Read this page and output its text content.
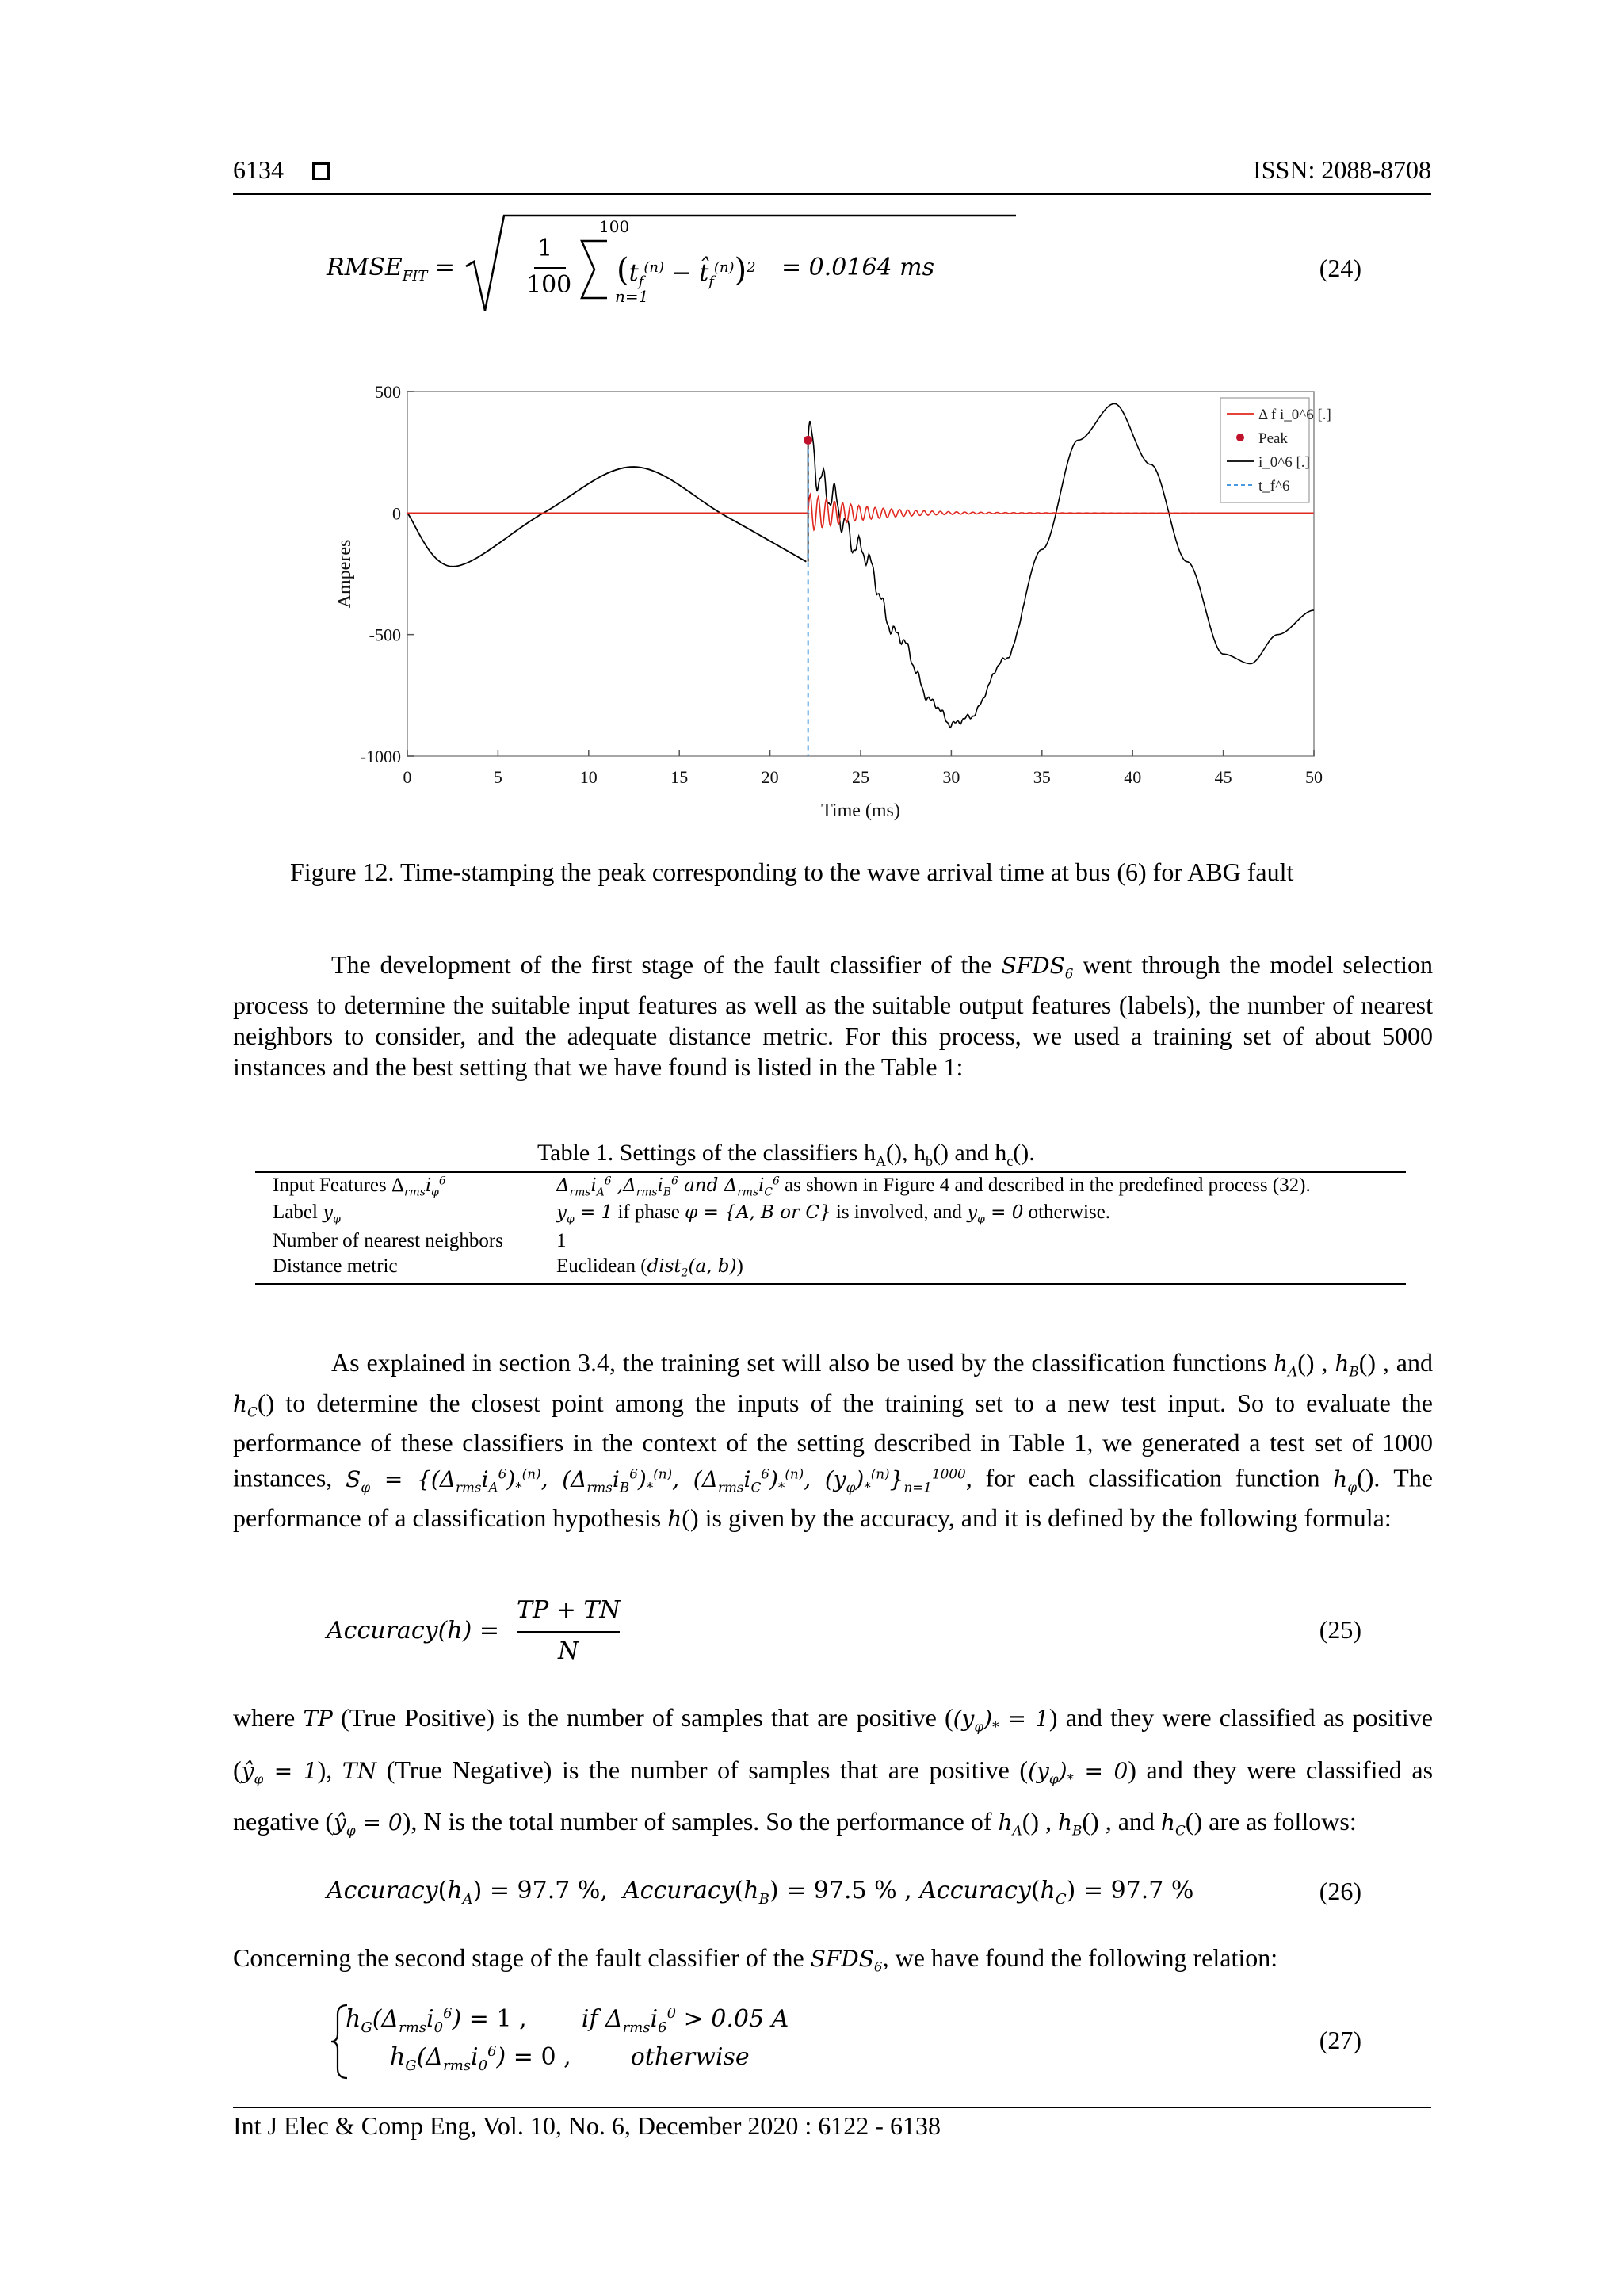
6134	ISSN: 2088-8708
$RMSE_{FIT}$ =
1
100
100
n=1
($t_f^{(n)}$ − $t̂_f^{(n)})^2 = 0.0164$ ms	(24)
0	5	10	15	20	25	30	35	40	45	50
500
0
-500
-1000
Time (ms)
Amperes
Δ f i_0^6 [.]
Peak
i_0^6 [.]
t_f^6
Figure 12. Time-stamping the peak corresponding to the wave arrival time at bus (6) for ABG fault

The development of the first stage of the fault classifier of the $SFDS_6$ went through the model selection process to determine the suitable input features as well as the suitable output features (labels), the number of nearest neighbors to consider, and the adequate distance metric. For this process, we used a training set of about 5000 instances and the best setting that we have found is listed in the Table 1:

Table 1. Settings of the classifiers $h_A()$, $h_b()$ and $h_c()$.
Input Features $\Delta_{rms}i_\varphi^6$	$\Delta_{rms}i_A^6$ $,\Delta_{rms}i_B^6$ and $\Delta_{rms}i_C^6$ as shown in Figure 4 and described in the predefined process (32).
Label $y_\varphi$	$y_\varphi = 1$ if phase φ = {A, B or C} is involved, and $y_\varphi = 0$ otherwise.
Number of nearest neighbors	1
Distance metric	Euclidean (dist$_2$(a, b))

As explained in section 3.4, the training set will also be used by the classification functions $h_A()$ , $h_B()$ , and $h_C()$ to determine the closest point among the inputs of the training set to a new test input. So to evaluate the performance of these classifiers in the context of the setting described in Table 1, we generated a test set of 1000 instances, $S_\varphi = \{(\Delta_{rms}i_A^6)_*^{(n)}$, $(\Delta_{rms}i_B^6)_*^{(n)}$, $(\Delta_{rms}i_C^6)_*^{(n)}$, $(y_\varphi)_*^{(n)}\}_{n=1}^{1000}$, for each classification function $h_\varphi()$. The performance of a classification hypothesis h() is given by the accuracy, and it is defined by the following formula:

Accuracy(h) =
TP + TN
N
(25)

where TP (True Positive) is the number of samples that are positive $((y_\varphi)_* = 1)$ and they were classified as positive $(ŷ_\varphi = 1)$, TN (True Negative) is the number of samples that are positive $((y_\varphi)_* = 0)$ and they were classified as negative $(ŷ_\varphi = 0)$, N is the total number of samples. So the performance of $h_A()$ , $h_B()$ , and $h_C()$ are as follows:

$Accuracy(h_A) = 97.7$ %, $Accuracy(h_B) = 97.5$ % , $Accuracy(h_C) = 97.7$ %	(26)
Concerning the second stage of the fault classifier of the $SFDS_6$, we have found the following relation:
$h_G(\Delta_{rms}i_0^6) = 1$ , if $\Delta_{rms}i_6^0 > 0.05$ A
$h_G(\Delta_{rms}i_0^6) = 0$ ,	otherwise
(27)
Int J Elec & Comp Eng, Vol. 10, No. 6, December 2020 : 6122 - 6138
